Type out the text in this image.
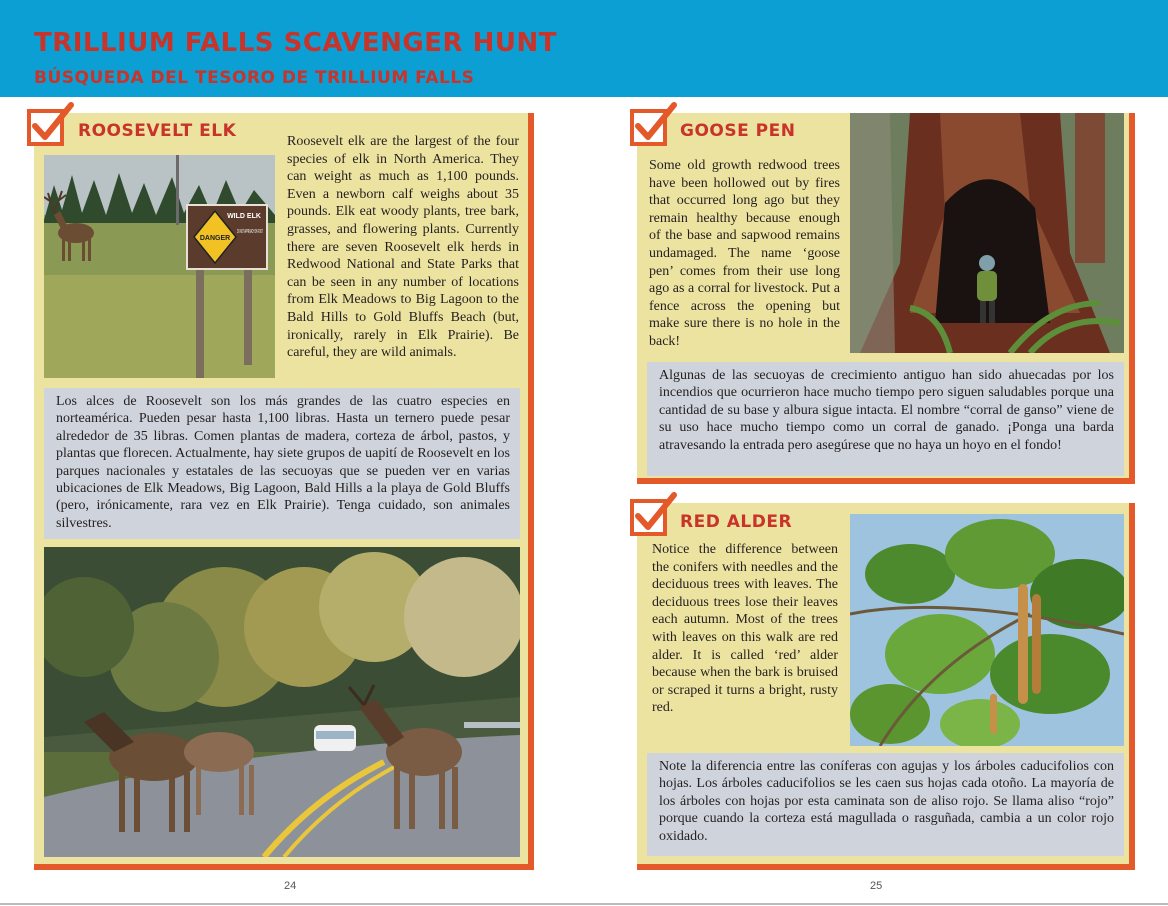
TRILLIUM FALLS SCAVENGER HUNT
BÚSQUEDA DEL TESORO DE TRILLIUM FALLS
ROOSEVELT ELK
WILD ELK
DANGER
DO NOT APPROACH ON FOOT
Roosevelt elk are the largest of the four species of elk in North America. They can weight as much as 1,100 pounds. Even a newborn calf weighs about 35 pounds. Elk eat woody plants, tree bark, grasses, and flowering plants. Currently there are seven Roosevelt elk herds in Redwood National and State Parks that can be seen in any number of locations from Elk Meadows to Big Lagoon to the Bald Hills to Gold Bluffs Beach (but, ironically, rarely in Elk Prairie). Be careful, they are wild animals.
Los alces de Roosevelt son los más grandes de las cuatro especies en norteamérica. Pueden pesar hasta 1,100 libras. Hasta un ternero puede pesar alrededor de 35 libras. Comen plantas de madera, corteza de árbol, pastos, y plantas que florecen. Actualmente, hay siete grupos de uapití de Roosevelt en los parques nacionales y estatales de las secuoyas que se pueden ver en varias ubicaciones de Elk Meadows, Big Lagoon, Bald Hills a la playa de Gold Bluffs (pero, irónicamente, rara vez en Elk Prairie). Tenga cuidado, son animales silvestres.
GOOSE PEN
Some old growth redwood trees have been hollowed out by fires that occurred long ago but they remain healthy because enough of the base and sapwood remains undamaged. The name ‘goose pen’ comes from their use long ago as a corral for livestock. Put a fence across the opening but make sure there is no hole in the back!
Algunas de las secuoyas de crecimiento antiguo han sido ahuecadas por los incendios que ocurrieron hace mucho tiempo pero siguen saludables porque una cantidad de su base y albura sigue intacta. El nombre “corral de ganso” viene de su uso hace mucho tiempo como un corral de ganado. ¡Ponga una barda atravesando la entrada pero asegúrese que no haya un hoyo en el fondo!
RED ALDER
Notice the difference between the conifers with needles and the deciduous trees with leaves. The deciduous trees lose their leaves each autumn. Most of the trees with leaves on this walk are red alder. It is called ‘red’ alder because when the bark is bruised or scraped it turns a bright, rusty red.
Note la diferencia entre las coníferas con agujas y los árboles caducifolios con hojas. Los árboles caducifolios se les caen sus hojas cada otoño. La mayoría de los árboles con hojas por esta caminata son de aliso rojo. Se llama aliso “rojo” porque cuando la corteza está magullada o rasguñada, cambia a un color rojo oxidado.
24	25
